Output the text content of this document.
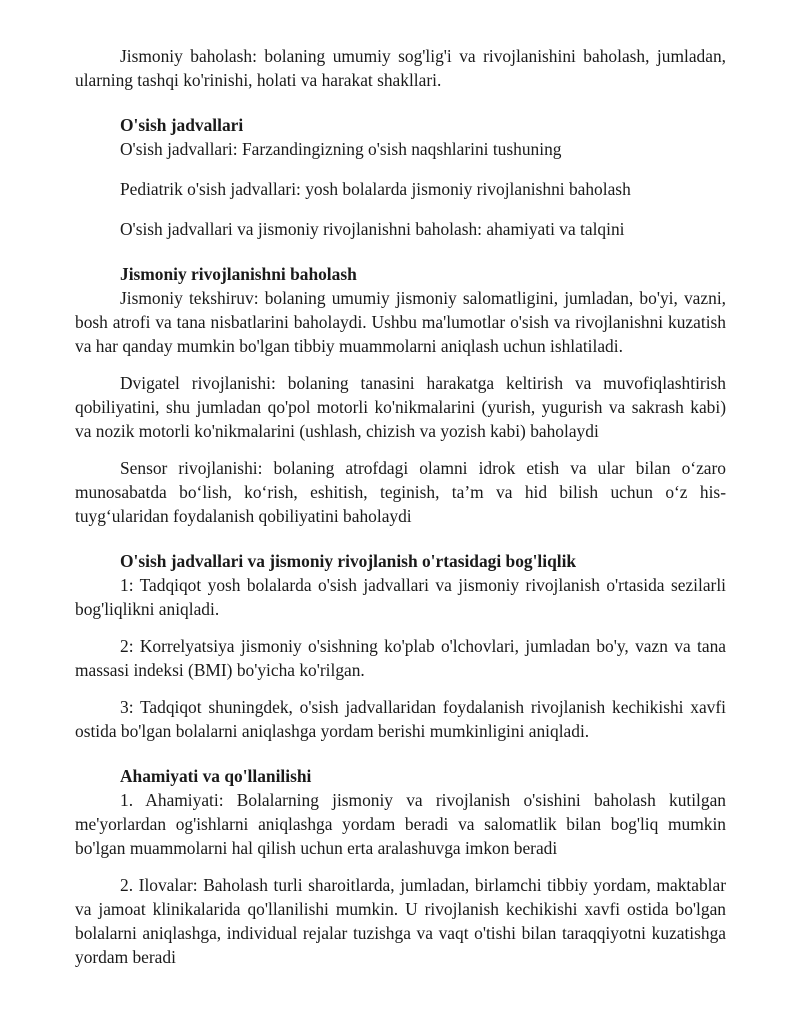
Jismoniy baholash: bolaning umumiy sog'lig'i va rivojlanishini baholash, jumladan, ularning tashqi ko'rinishi, holati va harakat shakllari.

O'sish jadvallari

O'sish jadvallari: Farzandingizning o'sish naqshlarini tushuning

Pediatrik o'sish jadvallari: yosh bolalarda jismoniy rivojlanishni baholash

O'sish jadvallari va jismoniy rivojlanishni baholash: ahamiyati va talqini

Jismoniy rivojlanishni baholash

Jismoniy tekshiruv: bolaning umumiy jismoniy salomatligini, jumladan, bo'yi, vazni, bosh atrofi va tana nisbatlarini baholaydi. Ushbu ma'lumotlar o'sish va rivojlanishni kuzatish va har qanday mumkin bo'lgan tibbiy muammolarni aniqlash uchun ishlatiladi.

Dvigatel rivojlanishi: bolaning tanasini harakatga keltirish va muvofiqlashtirish qobiliyatini, shu jumladan qo'pol motorli ko'nikmalarini (yurish, yugurish va sakrash kabi) va nozik motorli ko'nikmalarini (ushlash, chizish va yozish kabi) baholaydi

Sensor rivojlanishi: bolaning atrofdagi olamni idrok etish va ular bilan o‘zaro munosabatda bo‘lish, ko‘rish, eshitish, teginish, ta’m va hid bilish uchun o‘z his-tuyg‘ularidan foydalanish qobiliyatini baholaydi

O'sish jadvallari va jismoniy rivojlanish o'rtasidagi bog'liqlik

1: Tadqiqot yosh bolalarda o'sish jadvallari va jismoniy rivojlanish o'rtasida sezilarli bog'liqlikni aniqladi.

2: Korrelyatsiya jismoniy o'sishning ko'plab o'lchovlari, jumladan bo'y, vazn va tana massasi indeksi (BMI) bo'yicha ko'rilgan.

3: Tadqiqot shuningdek, o'sish jadvallaridan foydalanish rivojlanish kechikishi xavfi ostida bo'lgan bolalarni aniqlashga yordam berishi mumkinligini aniqladi.

Ahamiyati va qo'llanilishi

1. Ahamiyati: Bolalarning jismoniy va rivojlanish o'sishini baholash kutilgan me'yorlardan og'ishlarni aniqlashga yordam beradi va salomatlik bilan bog'liq mumkin bo'lgan muammolarni hal qilish uchun erta aralashuvga imkon beradi

2. Ilovalar: Baholash turli sharoitlarda, jumladan, birlamchi tibbiy yordam, maktablar va jamoat klinikalarida qo'llanilishi mumkin. U rivojlanish kechikishi xavfi ostida bo'lgan bolalarni aniqlashga, individual rejalar tuzishga va vaqt o'tishi bilan taraqqiyotni kuzatishga yordam beradi
